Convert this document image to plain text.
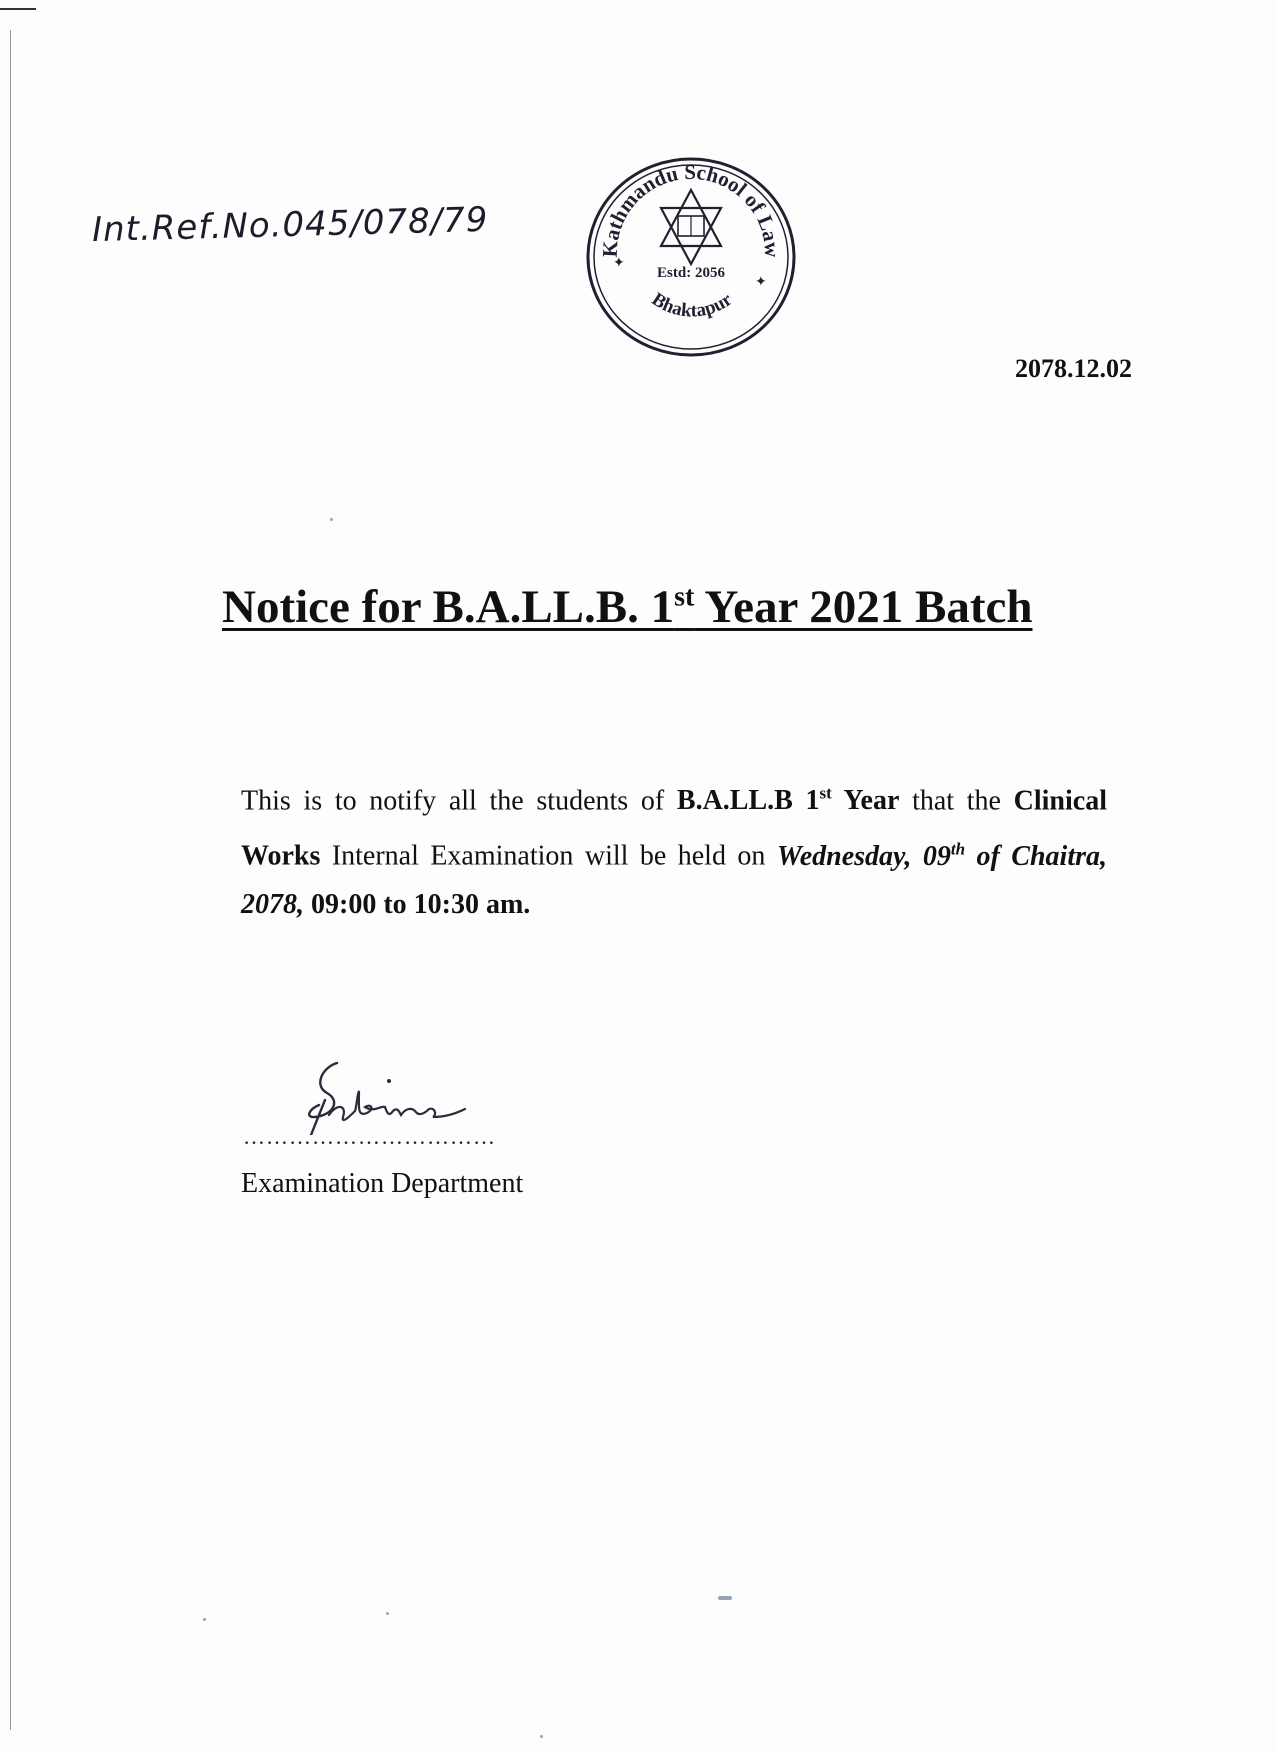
Int.Ref.No.045/078/79	Kathmandu School of Law
Estd: 2056
✦
✦
Bhaktapur
2078.12.02
Notice for B.A.LL.B. 1st Year 2021 Batch
This is to notify all the students of B.A.LL.B 1st Year that the Clinical Works Internal Examination will be held on Wednesday, 09th of Chaitra, 2078, 09:00 to 10:30 am.
……………………………
Examination Department
